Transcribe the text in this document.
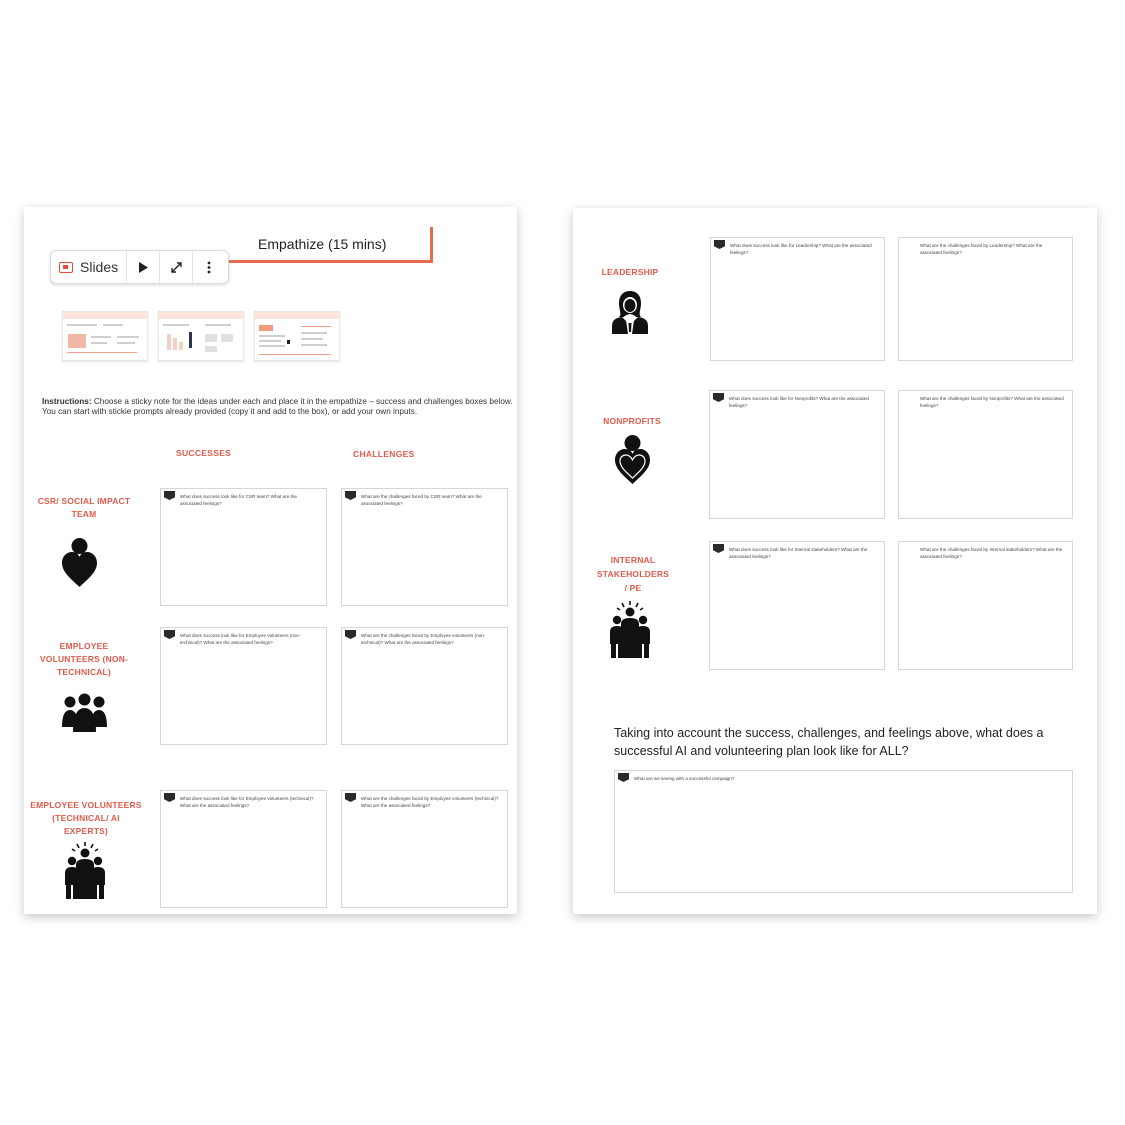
Empathize (15 mins)
Slides
Instructions: Choose a sticky note for the ideas under each and place it in the empathize – success and challenges boxes below. You can start with stickie prompts already provided (copy it and add to the box), or add your own inputs.
SUCCESSES	CHALLENGES
CSR/ SOCIAL IMPACT
TEAM
What does success look like for CSR team? What are the associated feelings?
What are the challenges faced by CSR team? What are the associated feelings?
EMPLOYEE
VOLUNTEERS (NON-
TECHNICAL)
What does success look like for Employee volunteers (non-technical)? What are the associated feelings?
What are the challenges faced by Employee volunteers (non-technical)? What are the associated feelings?
EMPLOYEE VOLUNTEERS
(TECHNICAL/ AI
EXPERTS)
What does success look like for Employee volunteers (technical)? What are the associated feelings?
What are the challenges faced by Employee volunteers (technical)? What are the associated feelings?
LEADERSHIP
What does success look like for Leadership? What are the associated feelings?
What are the challenges faced by Leadership? What are the associated feelings?
NONPROFITS
What does success look like for Nonprofits? What are the associated feelings?
What are the challenges faced by Nonprofits? What are the associated feelings?
INTERNAL
STAKEHOLDERS
/ PE
What does success look like for Internal stakeholders? What are the associated feelings?
What are the challenges faced by Internal stakeholders? What are the associated feelings?
Taking into account the success, challenges, and feelings above, what does a successful AI and volunteering plan look like for ALL?
What are we seeing with a successful campaign?
